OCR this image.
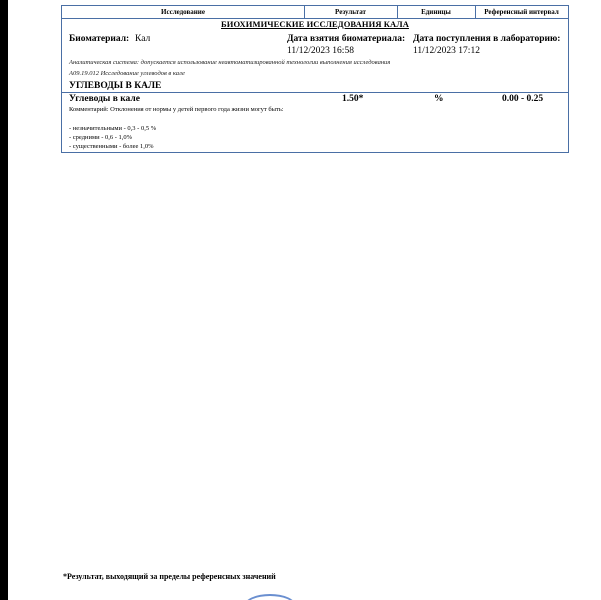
Исследование	Результат	Единицы	Референсный интервал
БИОХИМИЧЕСКИЕ ИССЛЕДОВАНИЯ КАЛА
Биоматериал: Кал	Дата взятия биоматериала:
11/12/2023 16:58
Дата поступления в лабораторию:
11/12/2023 17:12
Аналитическая система: допускается использование неавтоматизированной технологии выполнения исследования
A09.19.012 Исследование углеводов в кале
УГЛЕВОДЫ В КАЛЕ
Углеводы в кале	1.50*	%	0.00 - 0.25
Комментарий: Отклонения от нормы у детей первого года жизни могут быть:
- незначительными - 0,3 - 0,5 %
- средними - 0,6 - 1,0%
- существенными - более 1,0%
*Результат, выходящий за пределы референсных значений
